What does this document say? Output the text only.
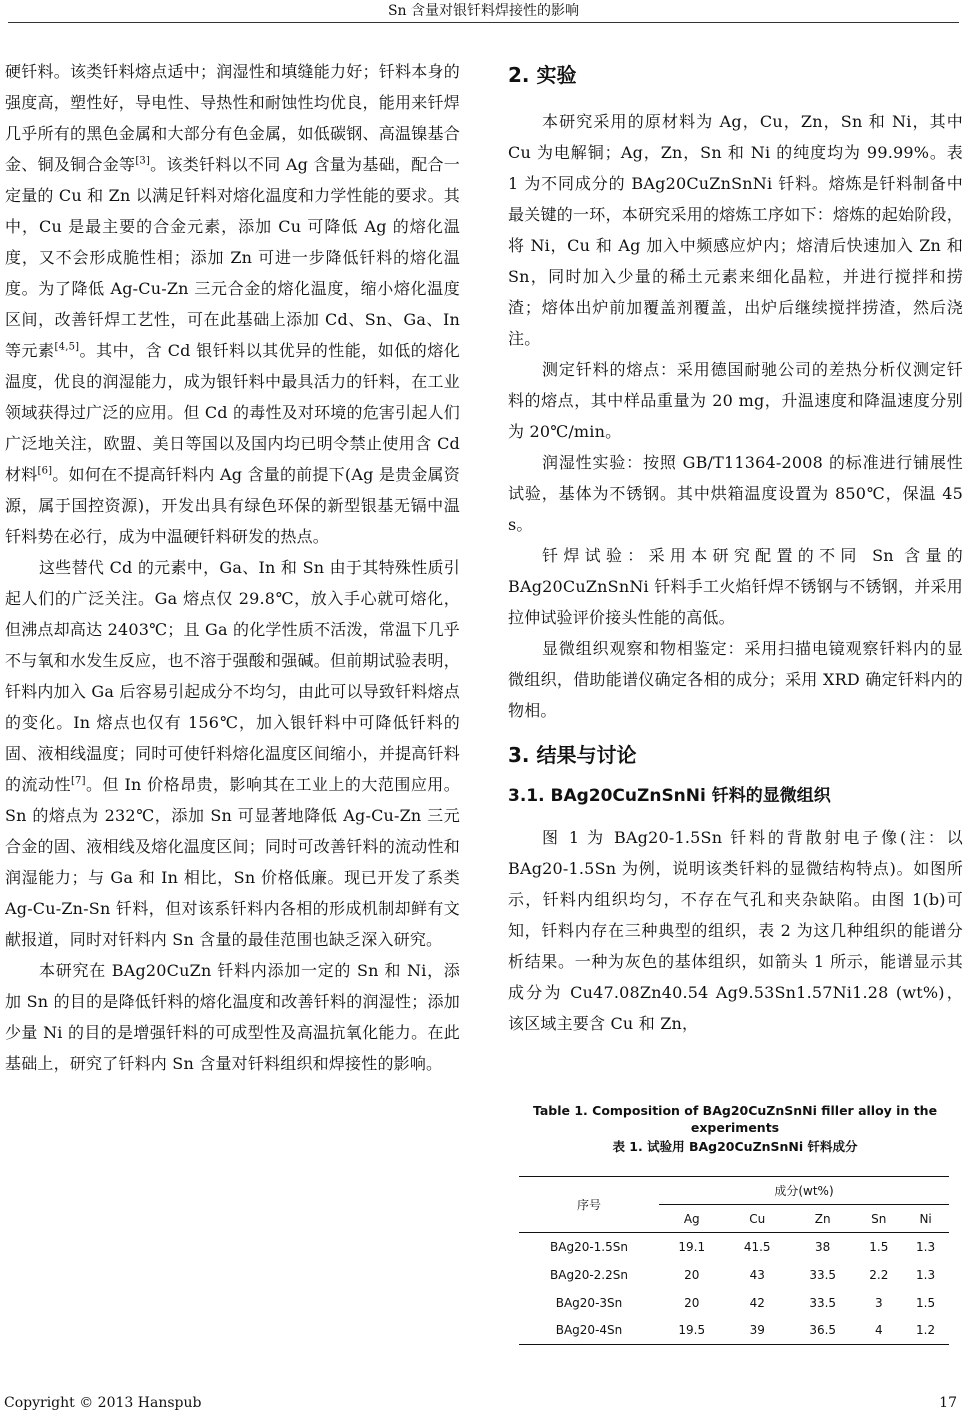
Sn 含量对银钎料焊接性的影响

硬钎料。该类钎料熔点适中；润湿性和填缝能力好；钎料本身的强度高，塑性好，导电性、导热性和耐蚀性均优良，能用来钎焊几乎所有的黑色金属和大部分有色金属，如低碳钢、高温镍基合金、铜及铜合金等[3]。该类钎料以不同 Ag 含量为基础，配合一定量的 Cu 和 Zn 以满足钎料对熔化温度和力学性能的要求。其中，Cu 是最主要的合金元素，添加 Cu 可降低 Ag 的熔化温度，又不会形成脆性相；添加 Zn 可进一步降低钎料的熔化温度。为了降低 Ag-Cu-Zn 三元合金的熔化温度，缩小熔化温度区间，改善钎焊工艺性，可在此基础上添加 Cd、Sn、Ga、In 等元素[4,5]。其中，含 Cd 银钎料以其优异的性能，如低的熔化温度，优良的润湿能力，成为银钎料中最具活力的钎料，在工业领域获得过广泛的应用。但 Cd 的毒性及对环境的危害引起人们广泛地关注，欧盟、美日等国以及国内均已明令禁止使用含 Cd 材料[6]。如何在不提高钎料内 Ag 含量的前提下(Ag 是贵金属资源，属于国控资源)，开发出具有绿色环保的新型银基无镉中温钎料势在必行，成为中温硬钎料研发的热点。

这些替代 Cd 的元素中，Ga、In 和 Sn 由于其特殊性质引起人们的广泛关注。Ga 熔点仅 29.8℃，放入手心就可熔化，但沸点却高达 2403℃；且 Ga 的化学性质不活泼，常温下几乎不与氧和水发生反应，也不溶于强酸和强碱。但前期试验表明，钎料内加入 Ga 后容易引起成分不均匀，由此可以导致钎料熔点的变化。In 熔点也仅有 156℃，加入银钎料中可降低钎料的固、液相线温度；同时可使钎料熔化温度区间缩小，并提高钎料的流动性[7]。但 In 价格昂贵，影响其在工业上的大范围应用。Sn 的熔点为 232℃，添加 Sn 可显著地降低 Ag-Cu-Zn 三元合金的固、液相线及熔化温度区间；同时可改善钎料的流动性和润湿能力；与 Ga 和 In 相比，Sn 价格低廉。现已开发了系类 Ag-Cu-Zn-Sn 钎料，但对该系钎料内各相的形成机制却鲜有文献报道，同时对钎料内 Sn 含量的最佳范围也缺乏深入研究。

本研究在 BAg20CuZn 钎料内添加一定的 Sn 和 Ni，添加 Sn 的目的是降低钎料的熔化温度和改善钎料的润湿性；添加少量 Ni 的目的是增强钎料的可成型性及高温抗氧化能力。在此基础上，研究了钎料内 Sn 含量对钎料组织和焊接性的影响。

2. 实验

本研究采用的原材料为 Ag，Cu，Zn，Sn 和 Ni，其中 Cu 为电解铜；Ag，Zn，Sn 和 Ni 的纯度均为 99.99%。表 1 为不同成分的 BAg20CuZnSnNi 钎料。熔炼是钎料制备中最关键的一环，本研究采用的熔炼工序如下：熔炼的起始阶段，将 Ni，Cu 和 Ag 加入中频感应炉内；熔清后快速加入 Zn 和 Sn，同时加入少量的稀土元素来细化晶粒，并进行搅拌和捞渣；熔体出炉前加覆盖剂覆盖，出炉后继续搅拌捞渣，然后浇注。

测定钎料的熔点：采用德国耐驰公司的差热分析仪测定钎料的熔点，其中样品重量为 20 mg，升温速度和降温速度分别为 20℃/min。

润湿性实验：按照 GB/T11364-2008 的标准进行铺展性试验，基体为不锈钢。其中烘箱温度设置为 850℃，保温 45 s。

钎焊试验：采用本研究配置的不同 Sn 含量的 BAg20CuZnSnNi 钎料手工火焰钎焊不锈钢与不锈钢，并采用拉伸试验评价接头性能的高低。

显微组织观察和物相鉴定：采用扫描电镜观察钎料内的显微组织，借助能谱仪确定各相的成分；采用 XRD 确定钎料内的物相。

3. 结果与讨论
3.1. BAg20CuZnSnNi 钎料的显微组织

图 1 为 BAg20-1.5Sn 钎料的背散射电子像(注：以 BAg20-1.5Sn 为例，说明该类钎料的显微结构特点)。如图所示，钎料内组织均匀，不存在气孔和夹杂缺陷。由图 1(b)可知，钎料内存在三种典型的组织，表 2 为这几种组织的能谱分析结果。一种为灰色的基体组织，如箭头 1 所示，能谱显示其成分为 Cu47.08Zn40.54 Ag9.53Sn1.57Ni1.28 (wt%)，该区域主要含 Cu 和 Zn，

Table 1. Composition of BAg20CuZnSnNi filler alloy in the experiments
表 1. 试验用 BAg20CuZnSnNi 钎料成分
序号	成分(wt%)				
	Ag	Cu	Zn	Sn	Ni
BAg20-1.5Sn	19.1	41.5	38	1.5	1.3
BAg20-2.2Sn	20	43	33.5	2.2	1.3
BAg20-3Sn	20	42	33.5	3	1.5
BAg20-4Sn	19.5	39	36.5	4	1.2
Copyright © 2013 Hanspub	17
